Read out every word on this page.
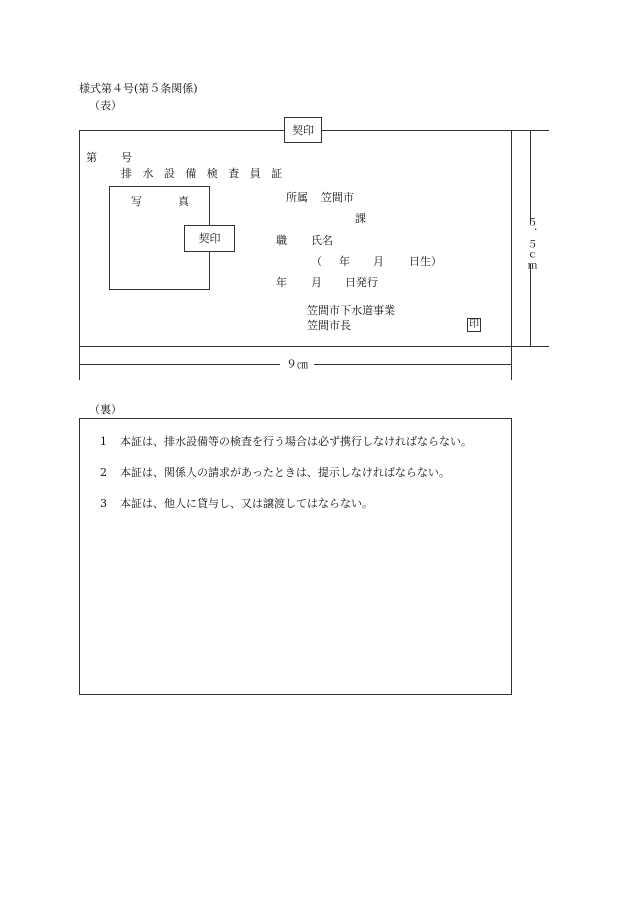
様式第４号(第５条関係)
（表）
契印
第 号
排水設備検査員証
写	真
契印
所属 笠間市
課
職 氏名
（ 年 月 日生）
年 月 日発行
笠間市下水道事業
笠間市長	印
５．５ｃｍ
９㎝
（裏）
1	本証は、排水設備等の検査を行う場合は必ず携行しなければならない。
2	本証は、関係人の請求があったときは、提示しなければならない。
3	本証は、他人に貸与し、又は譲渡してはならない。
